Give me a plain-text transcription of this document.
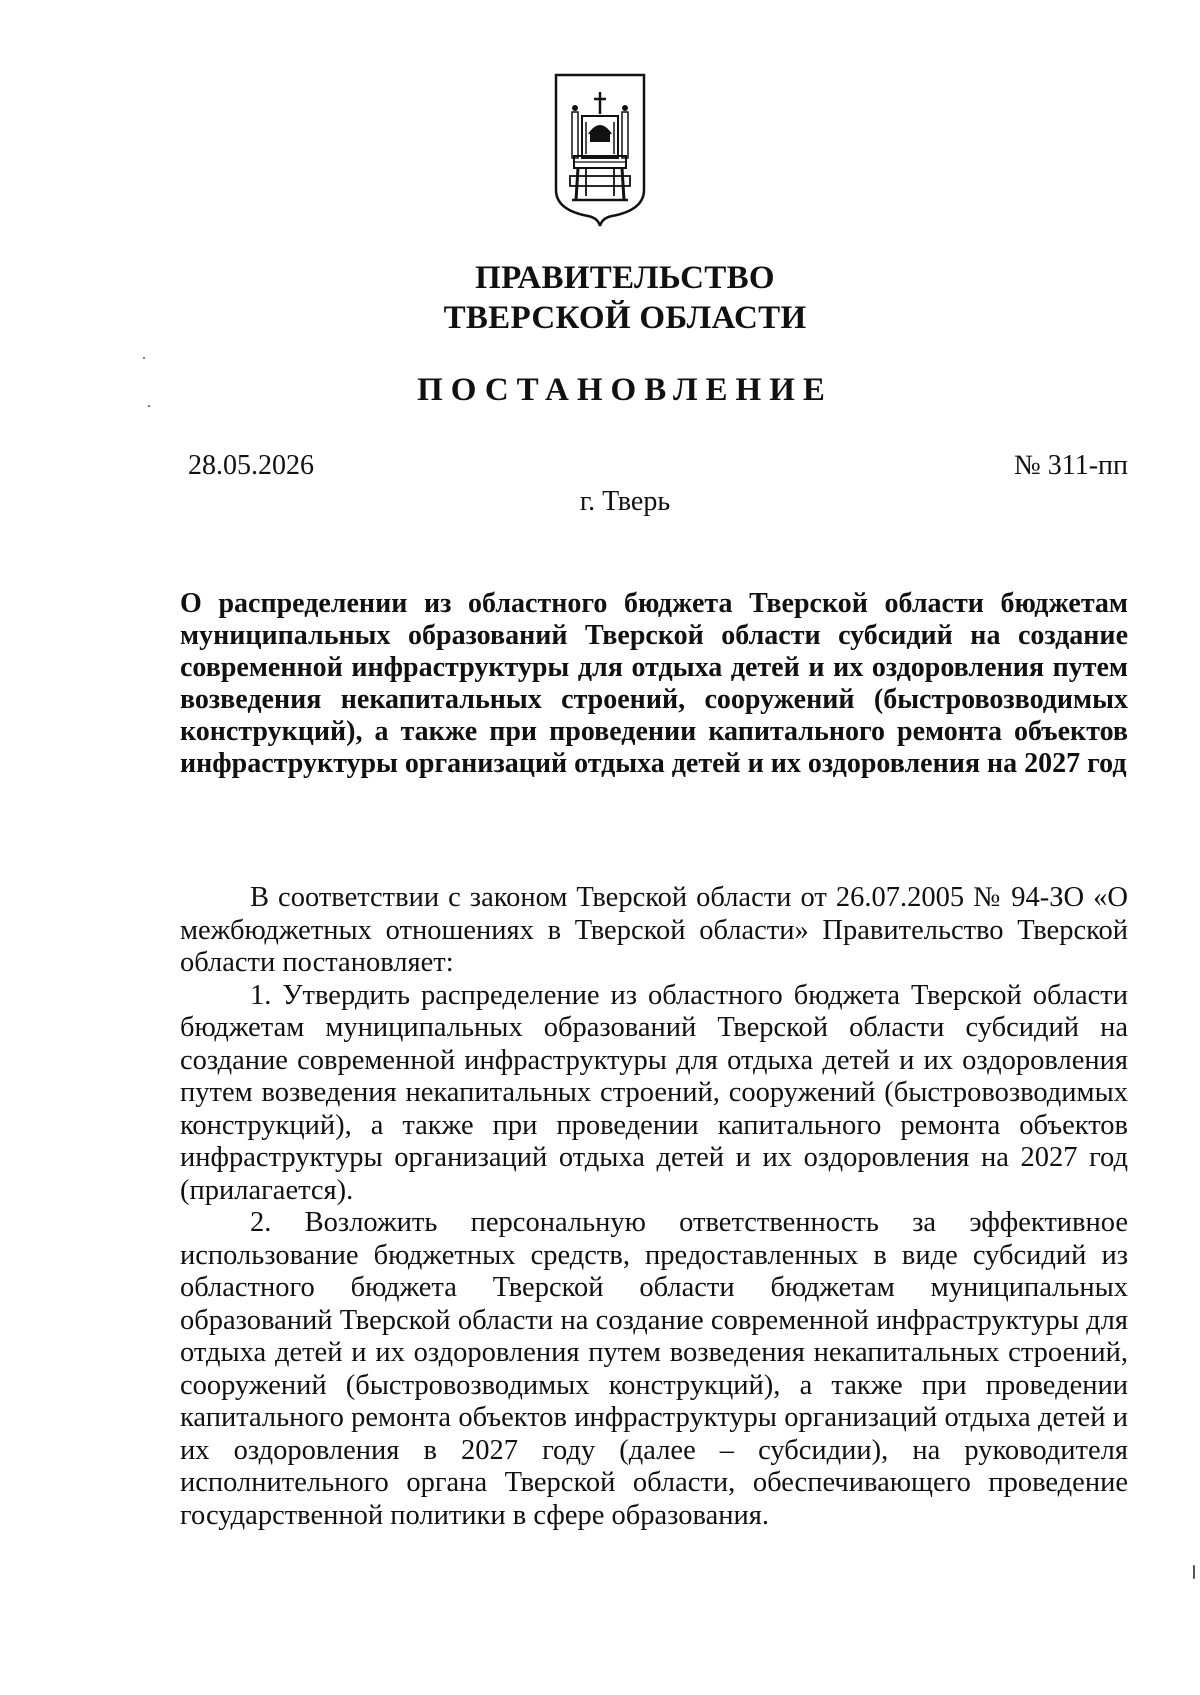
ПРАВИТЕЛЬСТВО
ТВЕРСКОЙ ОБЛАСТИ
ПОСТАНОВЛЕНИЕ
28.05.2026	№ 311-пп
г. Тверь
О распределении из областного бюджета Тверской области бюджетам муниципальных образований Тверской области субсидий на создание современной инфраструктуры для отдыха детей и их оздоровления путем возведения некапитальных строений, сооружений (быстровозводимых конструкций), а также при проведении капитального ремонта объектов инфраструктуры организаций отдыха детей и их оздоровления на 2027 год

В соответствии с законом Тверской области от 26.07.2005 № 94-ЗО «О межбюджетных отношениях в Тверской области» Правительство Тверской области постановляет:

1. Утвердить распределение из областного бюджета Тверской области бюджетам муниципальных образований Тверской области субсидий на создание современной инфраструктуры для отдыха детей и их оздоровления путем возведения некапитальных строений, сооружений (быстровозводимых конструкций), а также при проведении капитального ремонта объектов инфраструктуры организаций отдыха детей и их оздоровления на 2027 год (прилагается).

2. Возложить персональную ответственность за эффективное использование бюджетных средств, предоставленных в виде субсидий из областного бюджета Тверской области бюджетам муниципальных образований Тверской области на создание современной инфраструктуры для отдыха детей и их оздоровления путем возведения некапитальных строений, сооружений (быстровозводимых конструкций), а также при проведении капитального ремонта объектов инфраструктуры организаций отдыха детей и их оздоровления в 2027 году (далее – субсидии), на руководителя исполнительного органа Тверской области, обеспечивающего проведение государственной политики в сфере образования.
